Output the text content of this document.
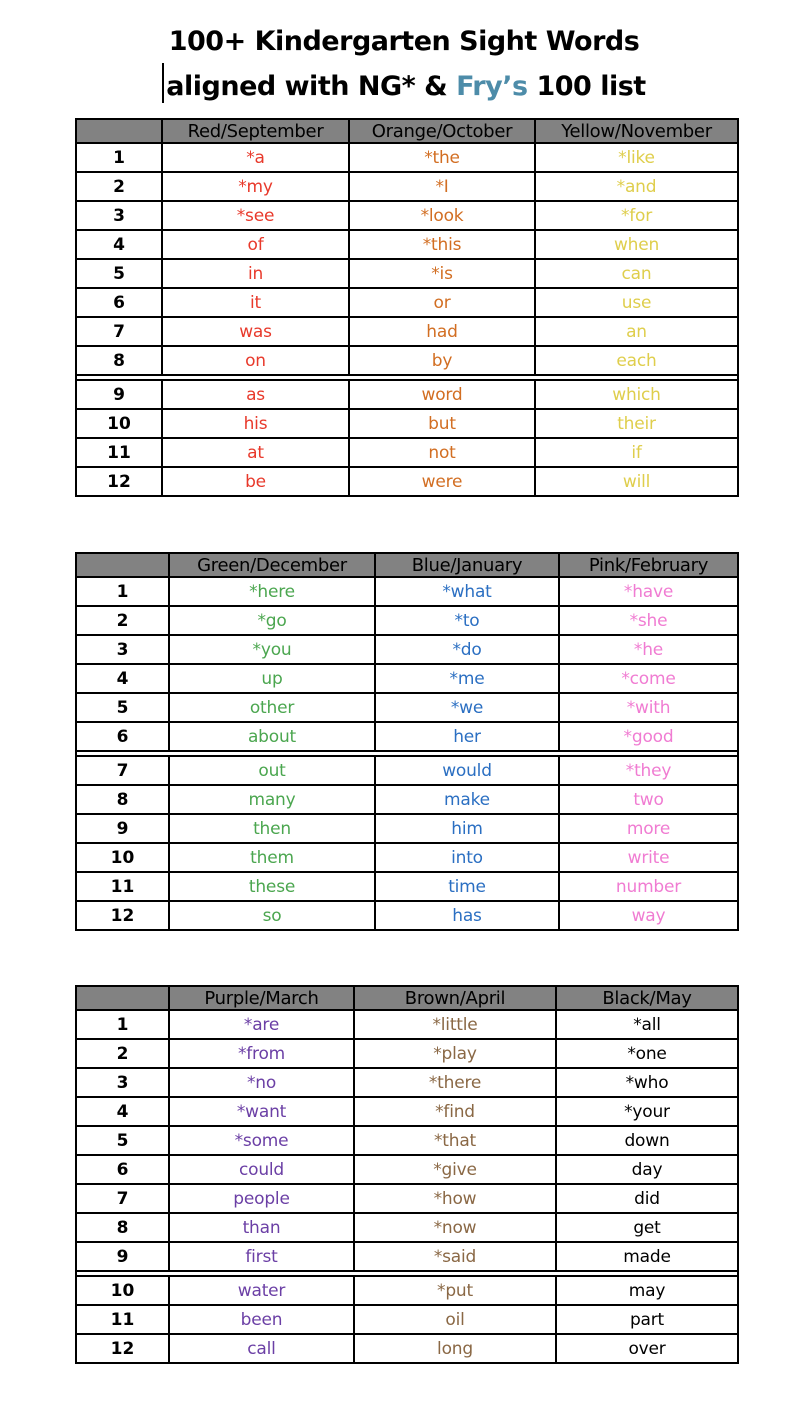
100+ Kindergarten Sight Words
aligned with NG* & Fry’s 100 list
	Red/September	Orange/October	Yellow/November
1	*a	*the	*like
2	*my	*I	*and
3	*see	*look	*for
4	of	*this	when
5	in	*is	can
6	it	or	use
7	was	had	an
8	on	by	each

9	as	word	which
10	his	but	their
11	at	not	if
12	be	were	will
	Green/December	Blue/January	Pink/February
1	*here	*what	*have
2	*go	*to	*she
3	*you	*do	*he
4	up	*me	*come
5	other	*we	*with
6	about	her	*good

7	out	would	*they
8	many	make	two
9	then	him	more
10	them	into	write
11	these	time	number
12	so	has	way
	Purple/March	Brown/April	Black/May
1	*are	*little	*all
2	*from	*play	*one
3	*no	*there	*who
4	*want	*find	*your
5	*some	*that	down
6	could	*give	day
7	people	*how	did
8	than	*now	get
9	first	*said	made

10	water	*put	may
11	been	oil	part
12	call	long	over
